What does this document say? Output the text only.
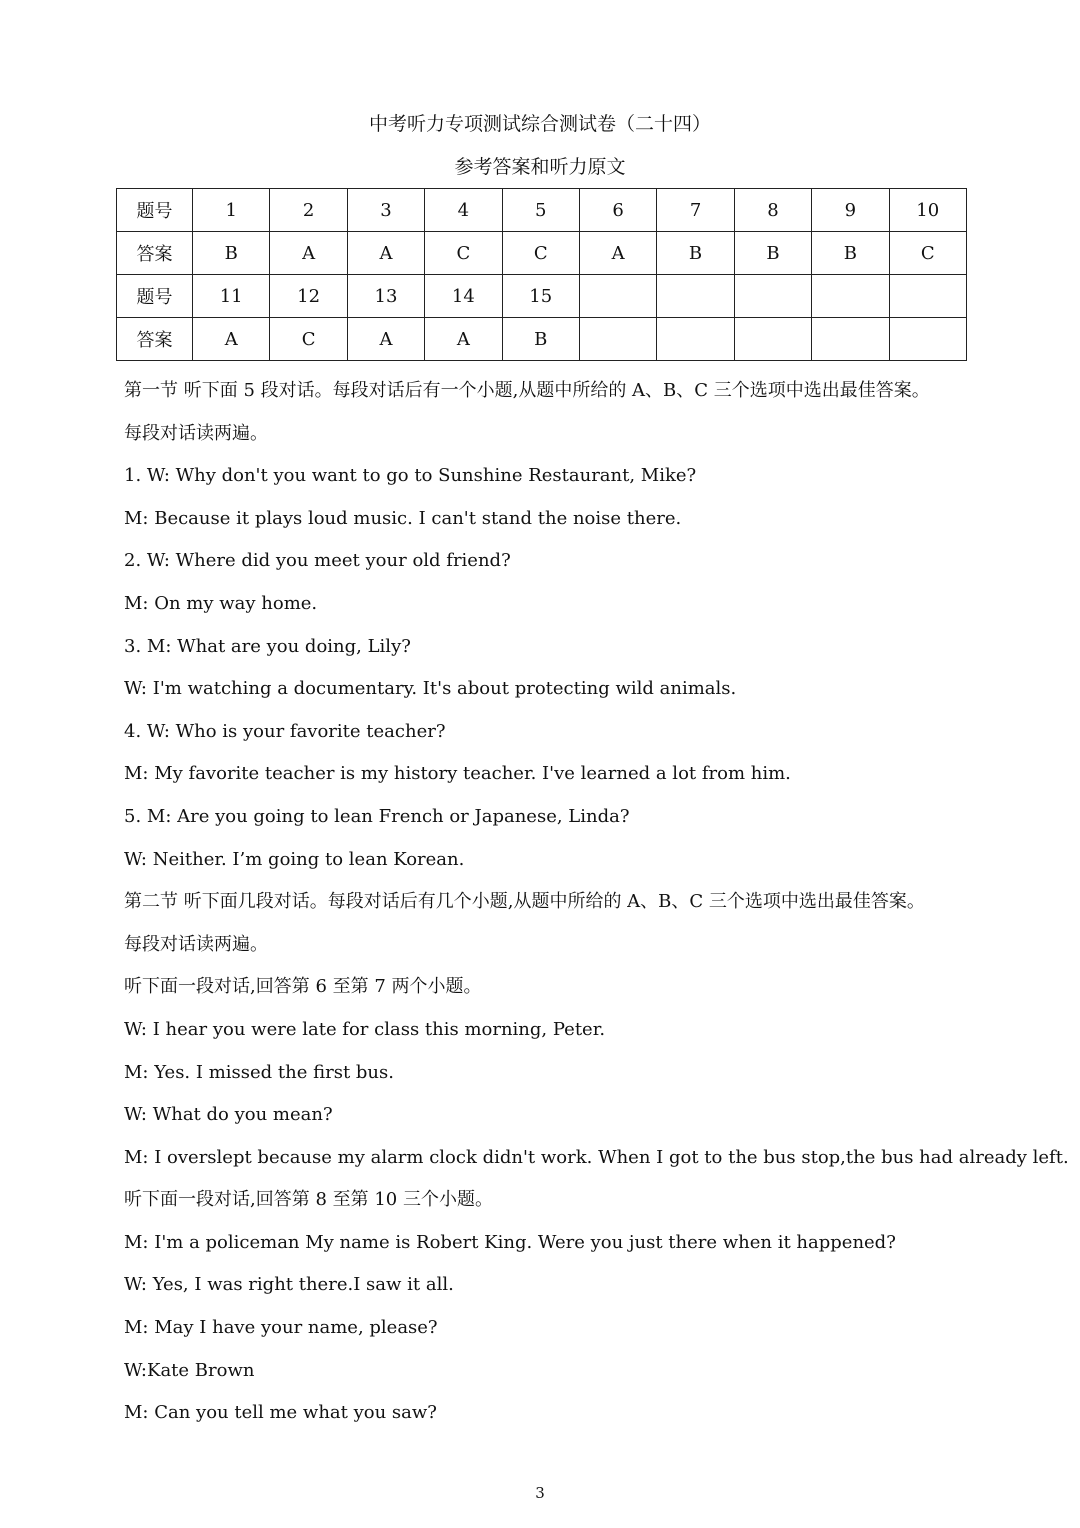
中考听力专项测试综合测试卷（二十四）
参考答案和听力原文
题号	1	2	3	4	5	6	7	8	9	10
答案	B	A	A	C	C	A	B	B	B	C
题号	11	12	13	14	15					
答案	A	C	A	A	B					
第一节 听下面 5 段对话。每段对话后有一个小题,从题中所给的 A、B、C 三个选项中选出最佳答案。
每段对话读两遍。
1. W: Why don't you want to go to Sunshine Restaurant, Mike?
M: Because it plays loud music. I can't stand the noise there.
2. W: Where did you meet your old friend?
M: On my way home.
3. M: What are you doing, Lily?
W: I'm watching a documentary. It's about protecting wild animals.
4. W: Who is your favorite teacher?
M: My favorite teacher is my history teacher. I've learned a lot from him.
5. M: Are you going to lean French or Japanese, Linda?
W: Neither. I’m going to lean Korean.
第二节 听下面几段对话。每段对话后有几个小题,从题中所给的 A、B、C 三个选项中选出最佳答案。
每段对话读两遍。
听下面一段对话,回答第 6 至第 7 两个小题。
W: I hear you were late for class this morning, Peter.
M: Yes. I missed the first bus.
W: What do you mean?
M: I overslept because my alarm clock didn't work. When I got to the bus stop,the bus had already left.
听下面一段对话,回答第 8 至第 10 三个小题。
M: I'm a policeman My name is Robert King. Were you just there when it happened?
W: Yes, I was right there.I saw it all.
M: May I have your name, please?
W:Kate Brown
M: Can you tell me what you saw?
3
